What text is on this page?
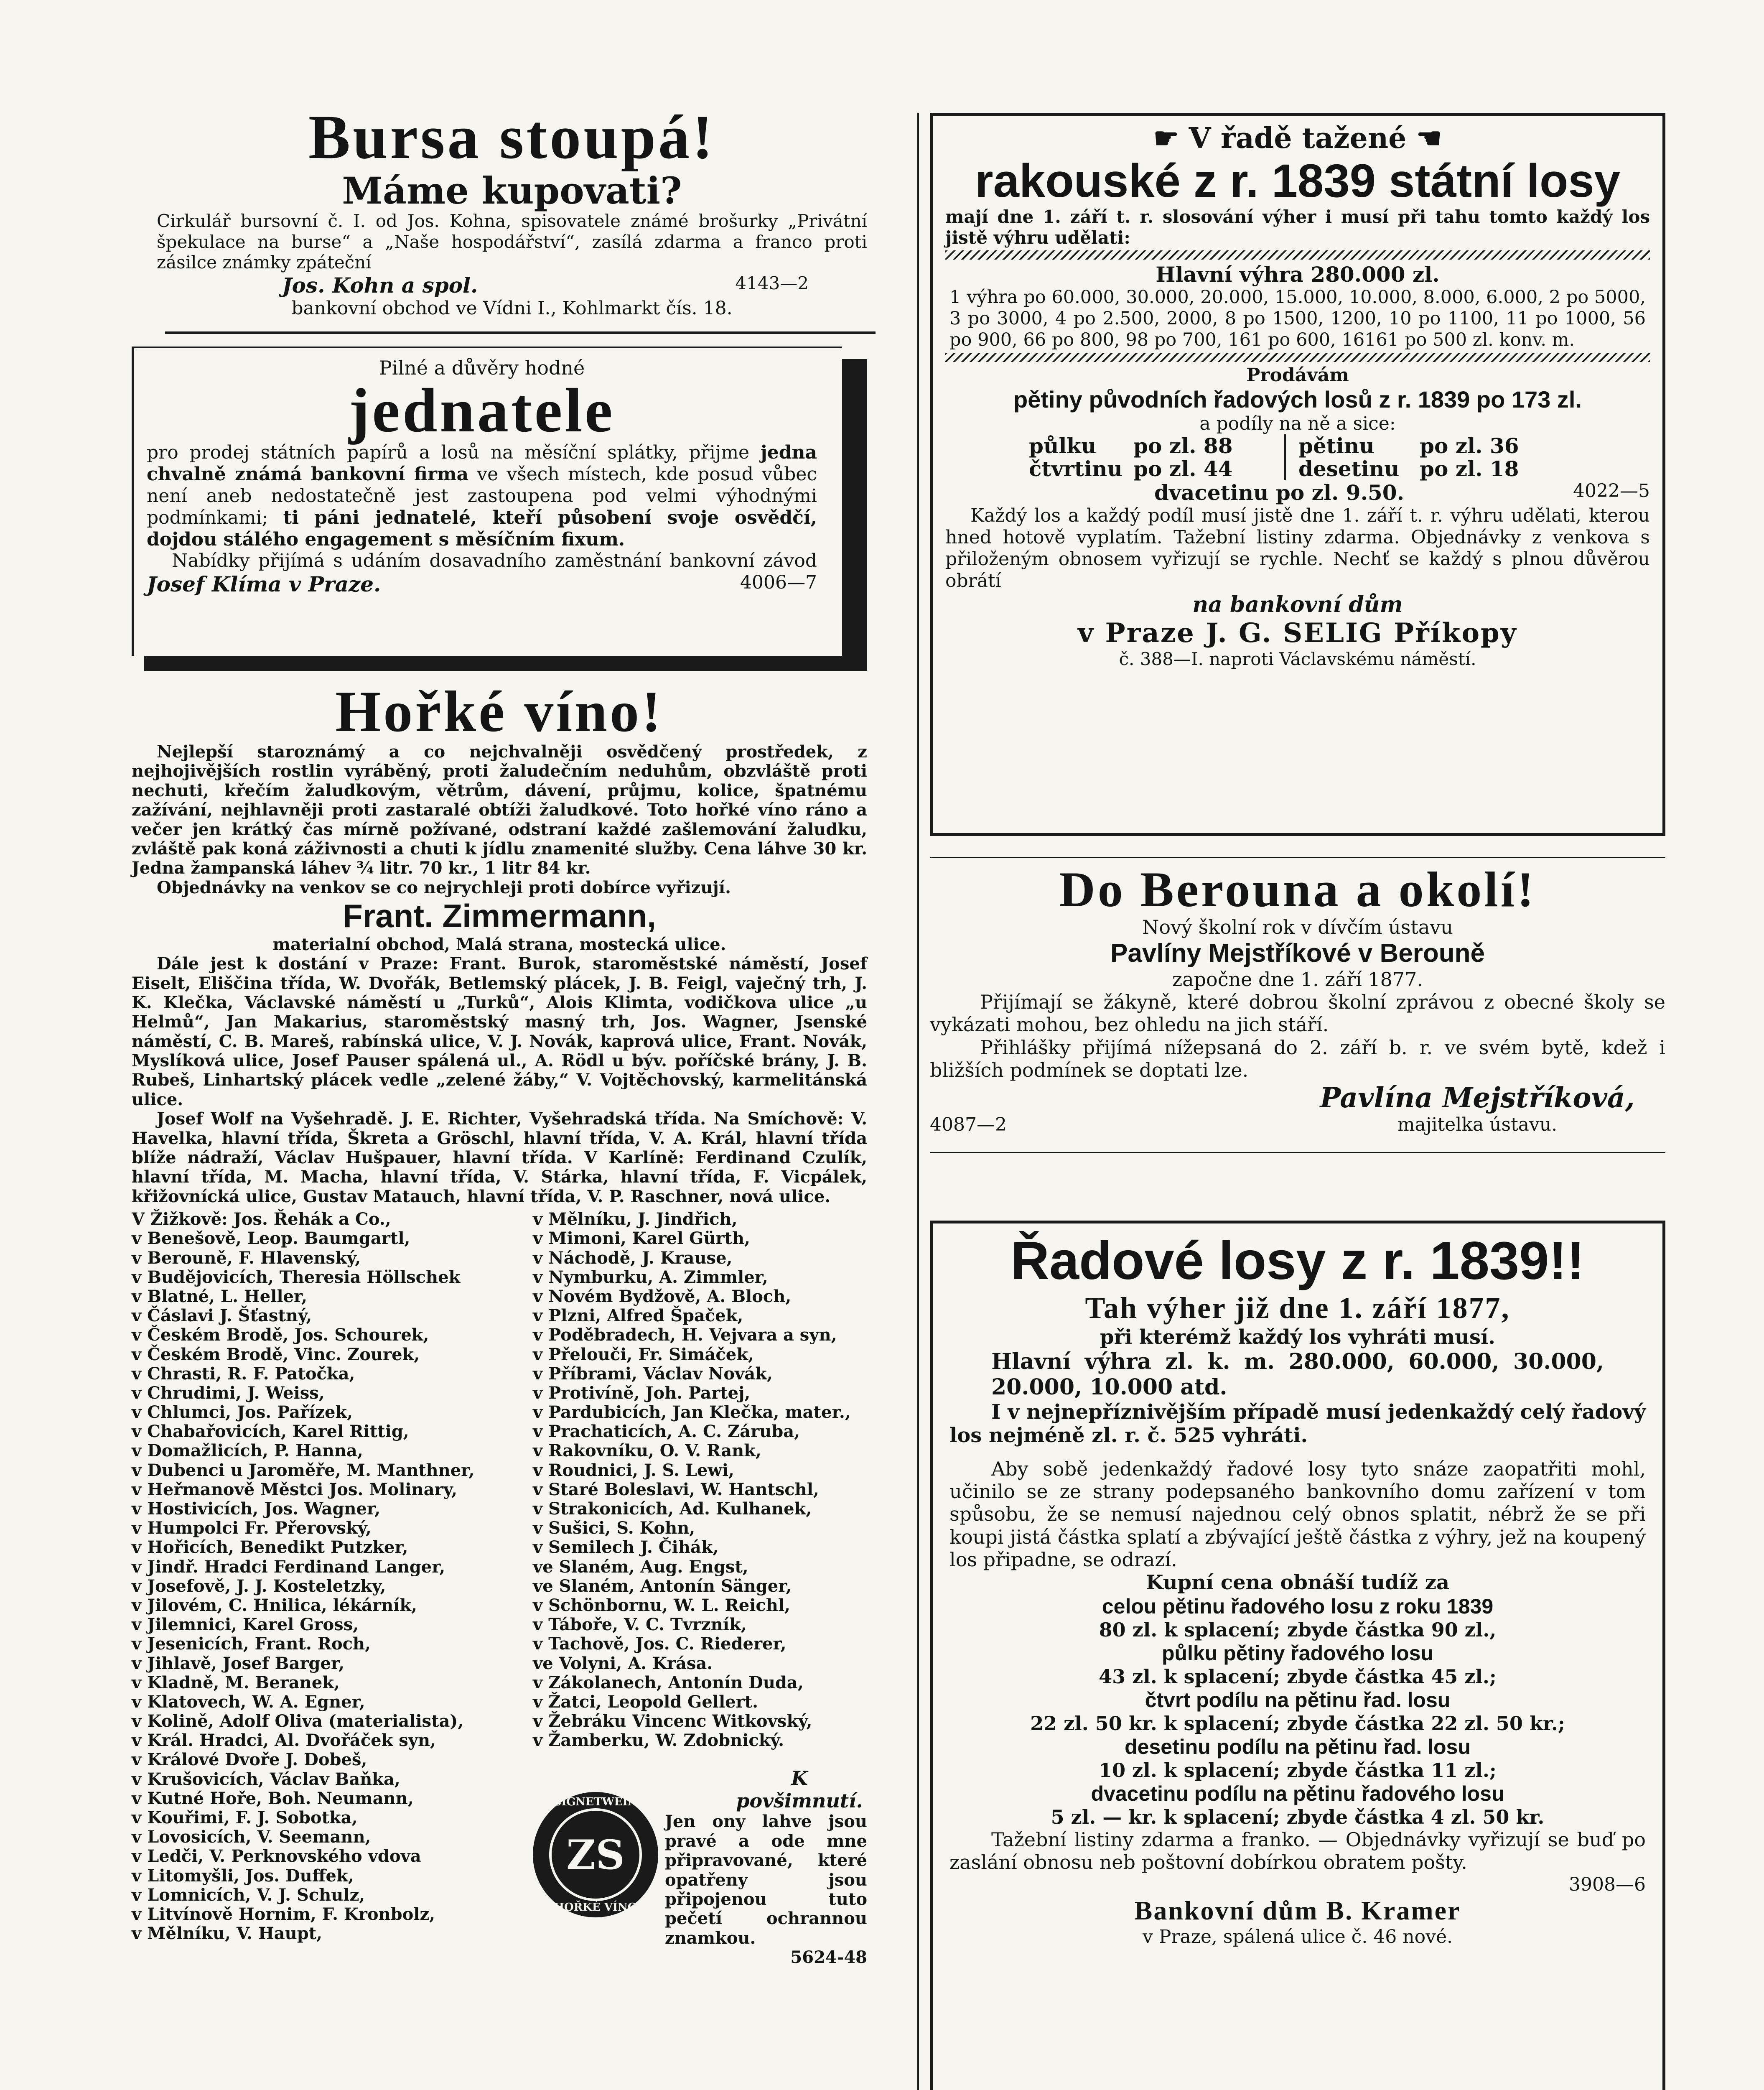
Bursa stoupá!
Máme kupovati?

Cirkulář bursovní č. I. od Jos. Kohna, spisovatele známé brošurky „Privátní špekulace na burse“ a „Naše hospodářství“, zasílá zdarma a franco proti zásilce známky zpáteční

Jos. Kohn a spol.	4143—2
bankovní obchod ve Vídni I., Kohlmarkt čís. 18.
Pilné a důvěry hodné
jednatele

pro prodej státních papírů a losů na měsíční splátky, přijme jedna chvalně známá bankovní firma ve všech místech, kde posud vůbec není aneb nedostatečně jest zastoupena pod velmi výhodnými podmínkami; ti páni jednatelé, kteří působení svoje osvědčí, dojdou stálého engagement s měsíčním fixum.

Nabídky přijímá s udáním dosavadního zaměstnání bankovní závod Josef Klíma v Praze.	4006—7

Hořké víno!

Nejlepší staroznámý a co nejchvalněji osvědčený prostředek, z nejhojivějších rostlin vyráběný, proti žaludečním neduhům, obzvláště proti nechuti, křečím žaludkovým, větrům, dávení, průjmu, kolice, špatnému zažívání, nejhlavněji proti zastaralé obtíži žaludkové. Toto hořké víno ráno a večer jen krátký čas mírně požívané, odstraní každé zašlemování žaludku, zvláště pak koná záživnosti a chuti k jídlu znamenité služby. Cena láhve 30 kr. Jedna žampanská láhev ¾ litr. 70 kr., 1 litr 84 kr.

Objednávky na venkov se co nejrychleji proti dobírce vyřizují.

Frant. Zimmermann,
materialní obchod, Malá strana, mostecká ulice.

Dále jest k dostání v Praze: Frant. Burok, staroměstské náměstí, Josef Eiselt, Eliščina třída, W. Dvořák, Betlemský plácek, J. B. Feigl, vaječný trh, J. K. Klečka, Václavské náměstí u „Turků“, Alois Klimta, vodičkova ulice „u Helmů“, Jan Makarius, staroměstský masný trh, Jos. Wagner, Jsenské náměstí, C. B. Mareš, rabínská ulice, V. J. Novák, kaprová ulice, Frant. Novák, Myslíková ulice, Josef Pauser spálená ul., A. Rödl u býv. poříčské brány, J. B. Rubeš, Linhartský plácek vedle „zelené žáby,“ V. Vojtěchovský, karmelitánská ulice.

Josef Wolf na Vyšehradě. J. E. Richter, Vyšehradská třída. Na Smíchově: V. Havelka, hlavní třída, Škreta a Gröschl, hlavní třída, V. A. Král, hlavní třída blíže nádraží, Václav Hušpauer, hlavní třída. V Karlíně: Ferdinand Czulík, hlavní třída, M. Macha, hlavní třída, V. Stárka, hlavní třída, F. Vicpálek, křižovnícká ulice, Gustav Matauch, hlavní třída, V. P. Raschner, nová ulice.

V Žižkově: Jos. Řehák a Co.,
v Benešově, Leop. Baumgartl,
v Berouně, F. Hlavenský,
v Budějovicích, Theresia Höllschek
v Blatné, L. Heller,
v Čáslavi J. Šťastný,
v Českém Brodě, Jos. Schourek,
v Českém Brodě, Vinc. Zourek,
v Chrasti, R. F. Patočka,
v Chrudimi, J. Weiss,
v Chlumci, Jos. Pařízek,
v Chabařovicích, Karel Rittig,
v Domažlicích, P. Hanna,
v Dubenci u Jaroměře, M. Manthner,
v Heřmanově Městci Jos. Molinary,
v Hostivicích, Jos. Wagner,
v Humpolci Fr. Přerovský,
v Hořicích, Benedikt Putzker,
v Jindř. Hradci Ferdinand Langer,
v Josefově, J. J. Kosteletzky,
v Jilovém, C. Hnilica, lékárník,
v Jilemnici, Karel Gross,
v Jesenicích, Frant. Roch,
v Jihlavě, Josef Barger,
v Kladně, M. Beranek,
v Klatovech, W. A. Egner,
v Kolině, Adolf Oliva (materialista),
v Král. Hradci, Al. Dvořáček syn,
v Králové Dvoře J. Dobeš,
v Krušovicích, Václav Baňka,
v Kutné Hoře, Boh. Neumann,
v Kouřimi, F. J. Sobotka,
v Lovosicích, V. Seemann,
v Ledči, V. Perknovského vdova
v Litomyšli, Jos. Duffek,
v Lomnicích, V. J. Schulz,
v Litvínově Hornim, F. Kronbolz,
v Mělníku, V. Haupt,
v Mělníku, J. Jindřich,
v Mimoni, Karel Gürth,
v Náchodě, J. Krause,
v Nymburku, A. Zimmler,
v Novém Bydžově, A. Bloch,
v Plzni, Alfred Špaček,
v Poděbradech, H. Vejvara a syn,
v Přelouči, Fr. Simáček,
v Příbrami, Václav Novák,
v Protivíně, Joh. Partej,
v Pardubicích, Jan Klečka, mater.,
v Prachaticích, A. C. Záruba,
v Rakovníku, O. V. Rank,
v Roudnici, J. S. Lewi,
v Staré Boleslavi, W. Hantschl,
v Strakonicích, Ad. Kulhanek,
v Sušici, S. Kohn,
v Semilech J. Čihák,
ve Slaném, Aug. Engst,
ve Slaném, Antonín Sänger,
v Schönbornu, W. L. Reichl,
v Táboře, V. C. Tvrzník,
v Tachově, Jos. C. Riederer,
ve Volyni, A. Krása.
v Zákolanech, Antonín Duda,
v Žatci, Leopold Gellert.
v Žebráku Vincenc Witkovský,
v Žamberku, W. Zdobnický.
SIGNETWEIN
ZS
HOŘKÉ VÍNO
K povšimnutí.

Jen ony lahve jsou pravé a ode mne připravované, které opatřeny jsou připojenou tuto pečetí ochrannou znamkou.

5624-48
☛ V řadě tažené ☚
rakouské z r. 1839 státní losy

mají dne 1. září t. r. slosování výher i musí při tahu tomto každý los jistě výhru udělati:

Hlavní výhra 280.000 zl.

1 výhra po 60.000, 30.000, 20.000, 15.000, 10.000, 8.000, 6.000, 2 po 5000, 3 po 3000, 4 po 2.500, 2000, 8 po 1500, 1200, 10 po 1100, 11 po 1000, 56 po 900, 66 po 800, 98 po 700, 161 po 600, 16161 po 500 zl. konv. m.

Prodávám
pětiny původních řadových losů z r. 1839 po 173 zl.
a podíly na ně a sice:
půlku	po zl. 88	pětinu	po zl. 36
čtvrtinu po zl. 44	desetinu po zl. 18
dvacetinu po zl. 9.50.	4022—5

Každý los a každý podíl musí jistě dne 1. září t. r. výhru udělati, kterou hned hotově vyplatím. Tažební listiny zdarma. Objednávky z venkova s přiloženým obnosem vyřizují se rychle. Nechť se každý s plnou důvěrou obrátí

na bankovní dům
v Praze J. G. SELIG Příkopy
č. 388—I. naproti Václavskému náměstí.
Do Berouna a okolí!
Nový školní rok v dívčím ústavu
Pavlíny Mejstříkové v Berouně
započne dne 1. září 1877.

Přijímají se žákyně, které dobrou školní zprávou z obecné školy se vykázati mohou, bez ohledu na jich stáří.

Přihlášky přijímá nížepsaná do 2. září b. r. ve svém bytě, kdež i bližších podmínek se doptati lze.

4087—2
Pavlína Mejstříková,
majitelka ústavu.
Řadové losy z r. 1839!!
Tah výher již dne 1. září 1877,
při kterémž každý los vyhráti musí.

Hlavní výhra zl. k. m. 280.000, 60.000, 30.000, 20.000, 10.000 atd.

I v nejnepříznivějším případě musí jedenkaždý celý řadový los nejméně zl. r. č. 525 vyhráti.

Aby sobě jedenkaždý řadové losy tyto snáze zaopatřiti mohl, učinilo se ze strany podepsaného bankovního domu zařízení v tom spůsobu, že se nemusí najednou celý obnos splatit, nébrž že se při koupi jistá částka splatí a zbývající ještě částka z výhry, jež na koupený los připadne, se odrazí.

Kupní cena obnáší tudíž za
celou pětinu řadového losu z roku 1839
80 zl. k splacení; zbyde částka 90 zl.,
půlku pětiny řadového losu
43 zl. k splacení; zbyde částka 45 zl.;
čtvrt podílu na pětinu řad. losu
22 zl. 50 kr. k splacení; zbyde částka 22 zl. 50 kr.;
desetinu podílu na pětinu řad. losu
10 zl. k splacení; zbyde částka 11 zl.;
dvacetinu podílu na pětinu řadového losu
5 zl. — kr. k splacení; zbyde částka 4 zl. 50 kr.

Tažební listiny zdarma a franko. — Objednávky vyřizují se buď po zaslání obnosu neb poštovní dobírkou obratem pošty.

3908—6
Bankovní dům B. Kramer
v Praze, spálená ulice č. 46 nové.
